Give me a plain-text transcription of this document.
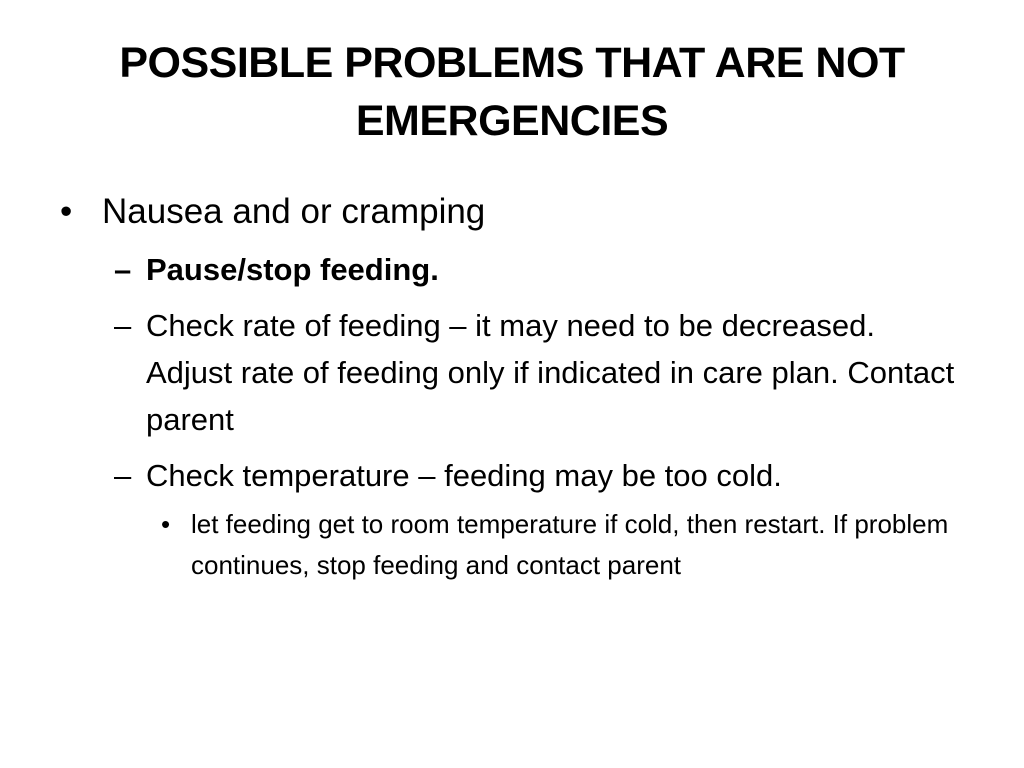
POSSIBLE PROBLEMS THAT ARE NOT EMERGENCIES
• Nausea and or cramping
– Pause/stop feeding.
– Check rate of feeding – it may need to be decreased. Adjust rate of feeding only if indicated in care plan. Contact parent
– Check temperature – feeding may be too cold.
• let feeding get to room temperature if cold, then restart. If problem continues, stop feeding and contact parent
